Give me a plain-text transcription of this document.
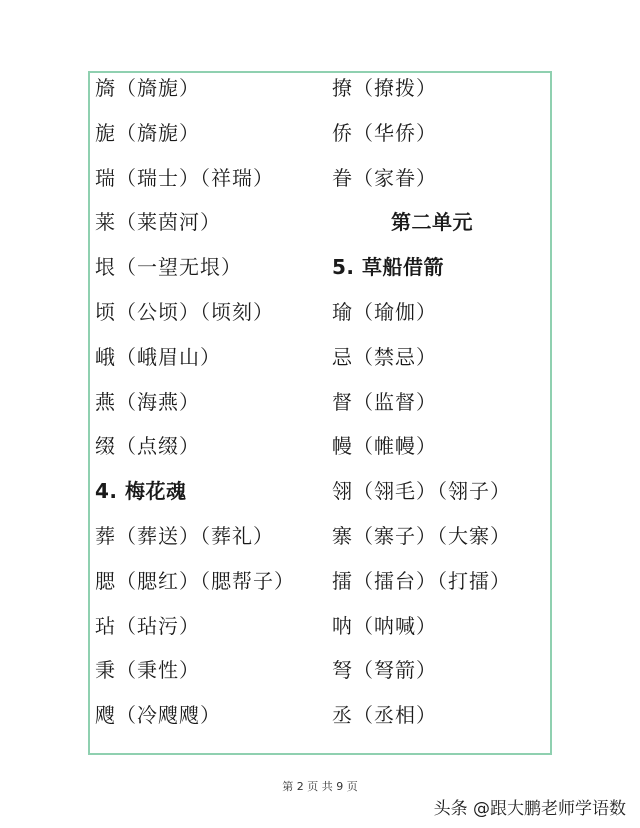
旖（旖旎）
旎（旖旎）
瑞（瑞士）（祥瑞）
莱（莱茵河）
垠（一望无垠）
顷（公顷）（顷刻）
峨（峨眉山）
燕（海燕）
缀（点缀）
4. 梅花魂
葬（葬送）（葬礼）
腮（腮红）（腮帮子）
玷（玷污）
秉（秉性）
飕（冷飕飕）
撩（撩拨）
侨（华侨）
眷（家眷）
第二单元
5. 草船借箭
瑜（瑜伽）
忌（禁忌）
督（监督）
幔（帷幔）
翎（翎毛）（翎子）
寨（寨子）（大寨）
擂（擂台）（打擂）
呐（呐喊）
弩（弩箭）
丞（丞相）
第 2 页 共 9 页
头条 @跟大鹏老师学语数
